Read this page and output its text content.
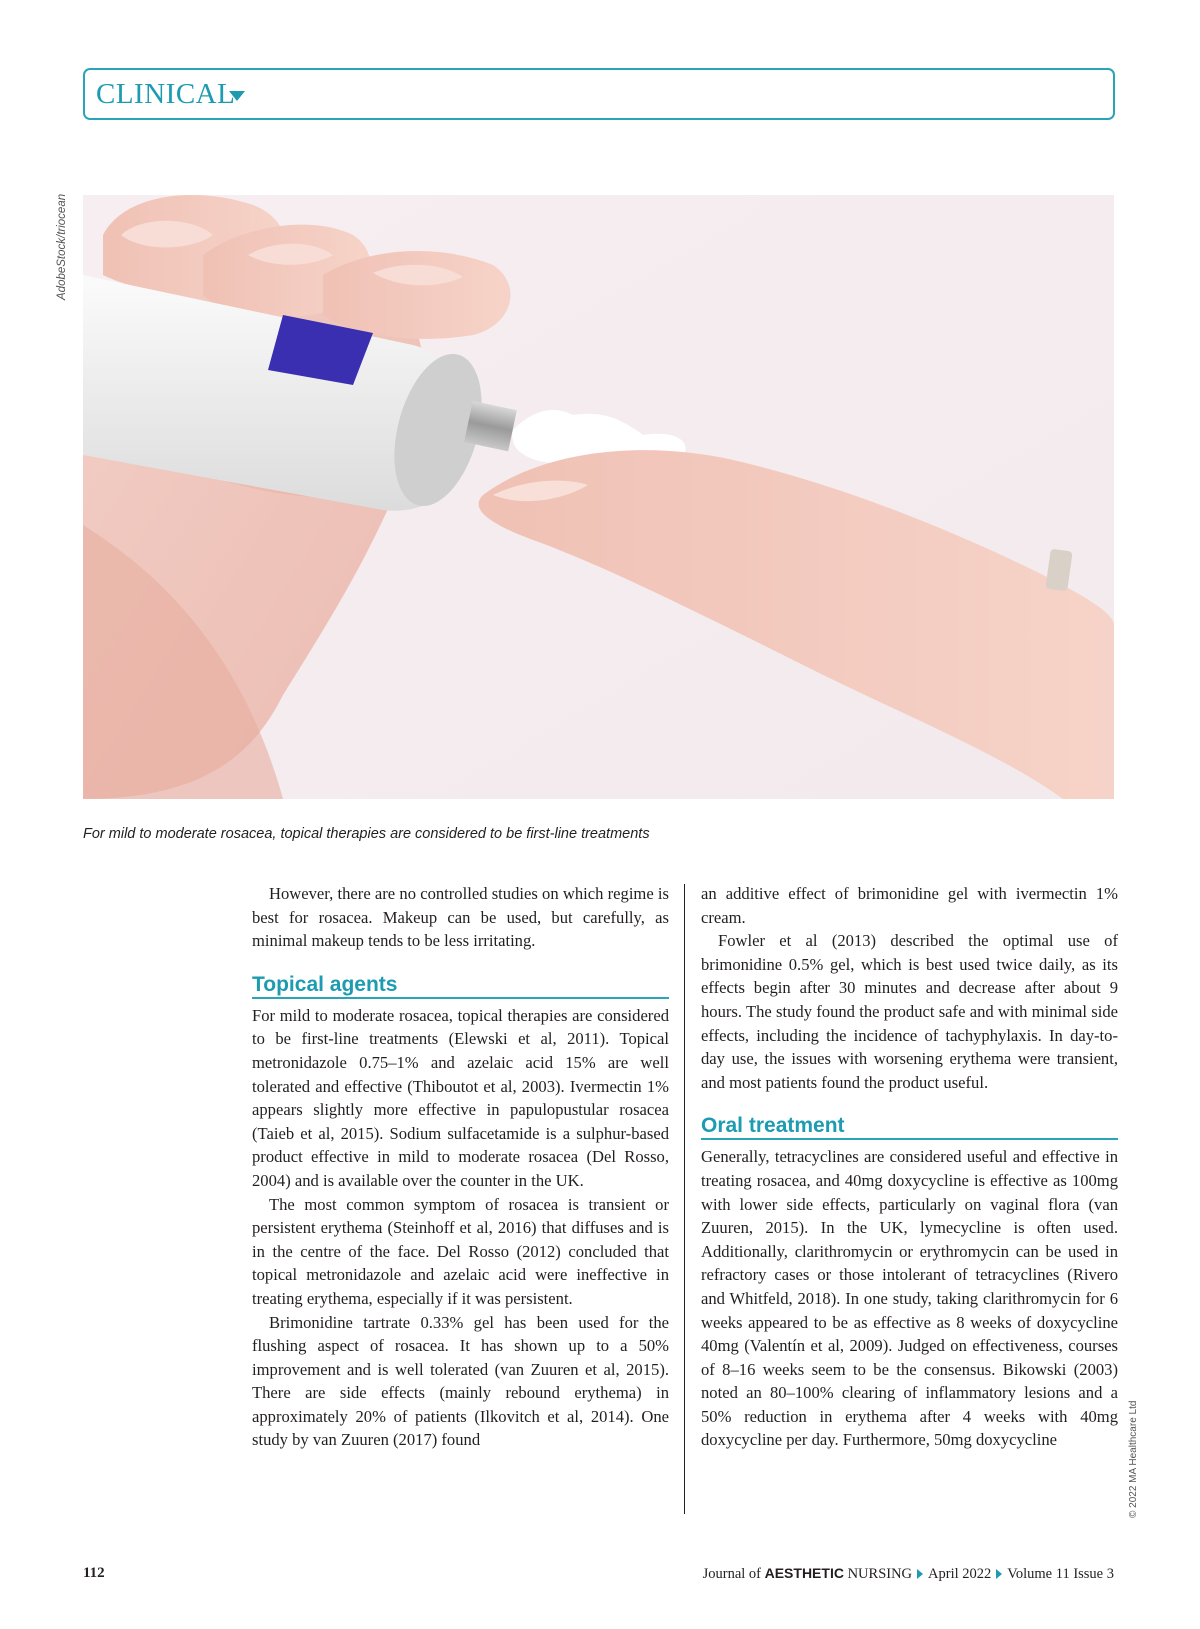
CLINICAL
AdobeStock/triocean
For mild to moderate rosacea, topical therapies are considered to be first-line treatments

However, there are no controlled studies on which regime is best for rosacea. Makeup can be used, but carefully, as minimal makeup tends to be less irritating.

Topical agents

For mild to moderate rosacea, topical therapies are considered to be first-line treatments (Elewski et al, 2011). Topical metronidazole 0.75–1% and azelaic acid 15% are well tolerated and effective (Thiboutot et al, 2003). Ivermectin 1% appears slightly more effective in papulopustular rosacea (Taieb et al, 2015). Sodium sulfacetamide is a sulphur-based product effective in mild to moderate rosacea (Del Rosso, 2004) and is available over the counter in the UK.

The most common symptom of rosacea is transient or persistent erythema (Steinhoff et al, 2016) that diffuses and is in the centre of the face. Del Rosso (2012) concluded that topical metronidazole and azelaic acid were ineffective in treating erythema, especially if it was persistent.

Brimonidine tartrate 0.33% gel has been used for the flushing aspect of rosacea. It has shown up to a 50% improvement and is well tolerated (van Zuuren et al, 2015). There are side effects (mainly rebound erythema) in approximately 20% of patients (Ilkovitch et al, 2014). One study by van Zuuren (2017) found

an additive effect of brimonidine gel with ivermectin 1% cream.

Fowler et al (2013) described the optimal use of brimonidine 0.5% gel, which is best used twice daily, as its effects begin after 30 minutes and decrease after about 9 hours. The study found the product safe and with minimal side effects, including the incidence of tachyphylaxis. In day-to-day use, the issues with worsening erythema were transient, and most patients found the product useful.

Oral treatment

Generally, tetracyclines are considered useful and effective in treating rosacea, and 40mg doxycycline is effective as 100mg with lower side effects, particularly on vaginal flora (van Zuuren, 2015). In the UK, lymecycline is often used. Additionally, clarithromycin or erythromycin can be used in refractory cases or those intolerant of tetracyclines (Rivero and Whitfeld, 2018). In one study, taking clarithromycin for 6 weeks appeared to be as effective as 8 weeks of doxycycline 40mg (Valentín et al, 2009). Judged on effectiveness, courses of 8–16 weeks seem to be the consensus. Bikowski (2003) noted an 80–100% clearing of inflammatory lesions and a 50% reduction in erythema after 4 weeks with 40mg doxycycline per day. Furthermore, 50mg doxycycline	© 2022 MA Healthcare Ltd
112	Journal of AESTHETIC NURSING April 2022 Volume 11 Issue 3
